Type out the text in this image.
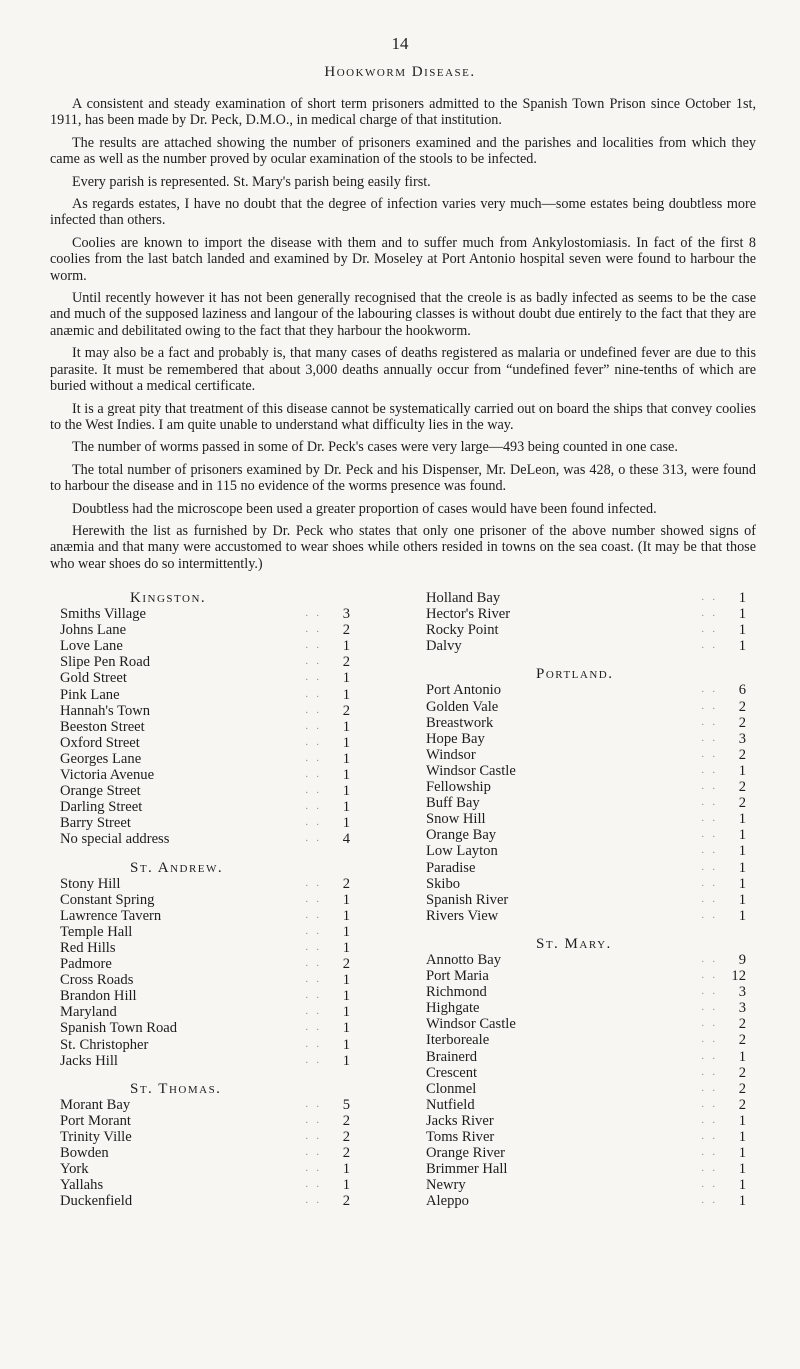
14
Hookworm Disease.

A consistent and steady examination of short term prisoners admitted to the Spanish Town Prison since October 1st, 1911, has been made by Dr. Peck, D.M.O., in medical charge of that institution.

The results are attached showing the number of prisoners examined and the parishes and localities from which they came as well as the number proved by ocular examination of the stools to be infected.

Every parish is represented. St. Mary's parish being easily first.

As regards estates, I have no doubt that the degree of infection varies very much—some estates being doubtless more infected than others.

Coolies are known to import the disease with them and to suffer much from Ankylostomiasis. In fact of the first 8 coolies from the last batch landed and examined by Dr. Moseley at Port Antonio hospital seven were found to harbour the worm.

Until recently however it has not been generally recognised that the creole is as badly infected as seems to be the case and much of the supposed laziness and langour of the labouring classes is without doubt due entirely to the fact that they are anæmic and debilitated owing to the fact that they harbour the hookworm.

It may also be a fact and probably is, that many cases of deaths registered as malaria or undefined fever are due to this parasite. It must be remembered that about 3,000 deaths annually occur from “undefined fever” nine-tenths of which are buried without a medical certificate.

It is a great pity that treatment of this disease cannot be systematically carried out on board the ships that convey coolies to the West Indies. I am quite unable to understand what difficulty lies in the way.

The number of worms passed in some of Dr. Peck's cases were very large—493 being counted in one case.

The total number of prisoners examined by Dr. Peck and his Dispenser, Mr. DeLeon, was 428, o these 313, were found to harbour the disease and in 115 no evidence of the worms presence was found.

Doubtless had the microscope been used a greater proportion of cases would have been found infected.

Herewith the list as furnished by Dr. Peck who states that only one prisoner of the above number showed signs of anæmia and that many were accustomed to wear shoes while others resided in towns on the sea coast. (It may be that those who wear shoes do so intermittently.)

Kingston.
Smiths Village	. .	3
Johns Lane	. .	2
Love Lane	. .	1
Slipe Pen Road	. .	2
Gold Street	. .	1
Pink Lane	. .	1
Hannah's Town	. .	2
Beeston Street	. .	1
Oxford Street	. .	1
Georges Lane	. .	1
Victoria Avenue	. .	1
Orange Street	. .	1
Darling Street	. .	1
Barry Street	. .	1
No special address	. .	4
St. Andrew.
Stony Hill	. .	2
Constant Spring	. .	1
Lawrence Tavern	. .	1
Temple Hall	. .	1
Red Hills	. .	1
Padmore	. .	2
Cross Roads	. .	1
Brandon Hill	. .	1
Maryland	. .	1
Spanish Town Road	. .	1
St. Christopher	. .	1
Jacks Hill	. .	1
St. Thomas.
Morant Bay	. .	5
Port Morant	. .	2
Trinity Ville	. .	2
Bowden	. .	2
York	. .	1
Yallahs	. .	1
Duckenfield	. .	2
Holland Bay	. .	1
Hector's River	. .	1
Rocky Point	. .	1
Dalvy	. .	1
Portland.
Port Antonio	. .	6
Golden Vale	. .	2
Breastwork	. .	2
Hope Bay	. .	3
Windsor	. .	2
Windsor Castle	. .	1
Fellowship	. .	2
Buff Bay	. .	2
Snow Hill	. .	1
Orange Bay	. .	1
Low Layton	. .	1
Paradise	. .	1
Skibo	. .	1
Spanish River	. .	1
Rivers View	. .	1
St. Mary.
Annotto Bay	. .	9
Port Maria	. . 12
Richmond	. .	3
Highgate	. .	3
Windsor Castle	. .	2
Iterboreale	. .	2
Brainerd	. .	1
Crescent	. .	2
Clonmel	. .	2
Nutfield	. .	2
Jacks River	. .	1
Toms River	. .	1
Orange River	. .	1
Brimmer Hall	. .	1
Newry	. .	1
Aleppo	. .	1
